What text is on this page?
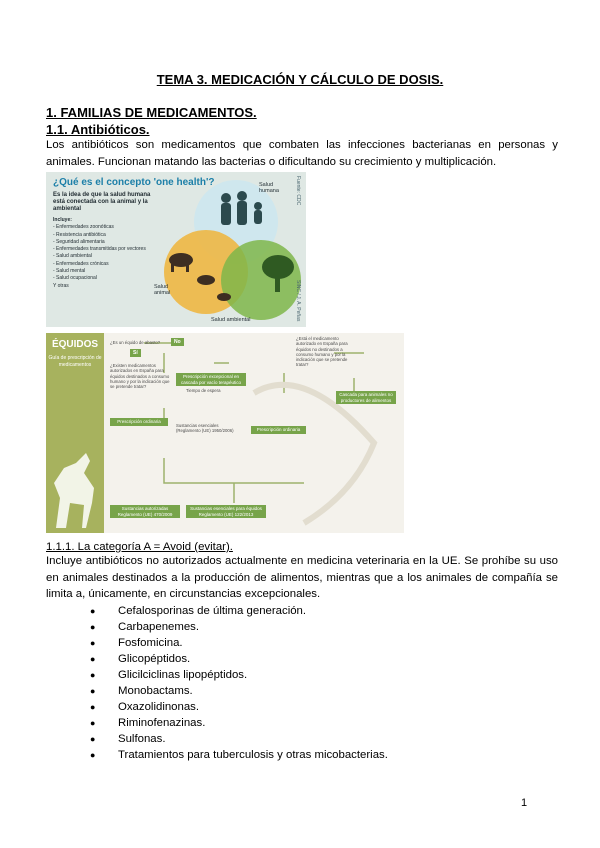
TEMA 3. MEDICACIÓN Y CÁLCULO DE DOSIS.
1. FAMILIAS DE MEDICAMENTOS.
1.1. Antibióticos.
Los antibióticos son medicamentos que combaten las infecciones bacterianas en personas y animales. Funcionan matando las bacterias o dificultando su crecimiento y multiplicación.
¿Qué es el concepto 'one health'?
Es la idea de que la salud humana está conectada con la animal y la ambiental
Incluye:
- Enfermedades zoonóticas
- Resistencia antibiótica
- Seguridad alimentaria
- Enfermedades transmitidas por vectores
- Salud ambiental
- Enfermedades crónicas
- Salud mental
- Salud ocupacional
Y otras
Salud humana
Salud animal
Salud ambiental
Fuente: CDC
SINC / J. A. Peñas
ÉQUIDOS
Guía de prescripción de medicamentos
¿Es un équido de abasto?
Sí
No
¿Existen medicamentos autorizados en España para équidos destinados a consumo humano y por la indicación que se pretende tratar?
¿Está el medicamento autorizado en España para équidos no destinados a consumo humano y por la indicación que se pretende tratar?
Prescripción excepcional en cascada por vacío terapéutico
Prescripción ordinaria
Prescripción ordinaria
Cascada para animales no productores de alimentos
Sustancias esenciales (Reglamento (UE) 1950/2006)
Tiempo de espera
Sustancias autorizadas Reglamento (UE) 470/2009
Sustancias esenciales para équidos Reglamento (UE) 122/2013
1.1.1. La categoría A = Avoid (evitar).
Incluye antibióticos no autorizados actualmente en medicina veterinaria en la UE. Se prohíbe su uso en animales destinados a la producción de alimentos, mientras que a los animales de compañía se limita a, únicamente, en circunstancias excepcionales.
● Cefalosporinas de última generación.
● Carbapenemes.
● Fosfomicina.
● Glicopéptidos.
● Glicilciclinas lipopéptidos.
● Monobactams.
● Oxazolidinonas.
● Riminofenazinas.
● Sulfonas.
● Tratamientos para tuberculosis y otras micobacterias.
1
